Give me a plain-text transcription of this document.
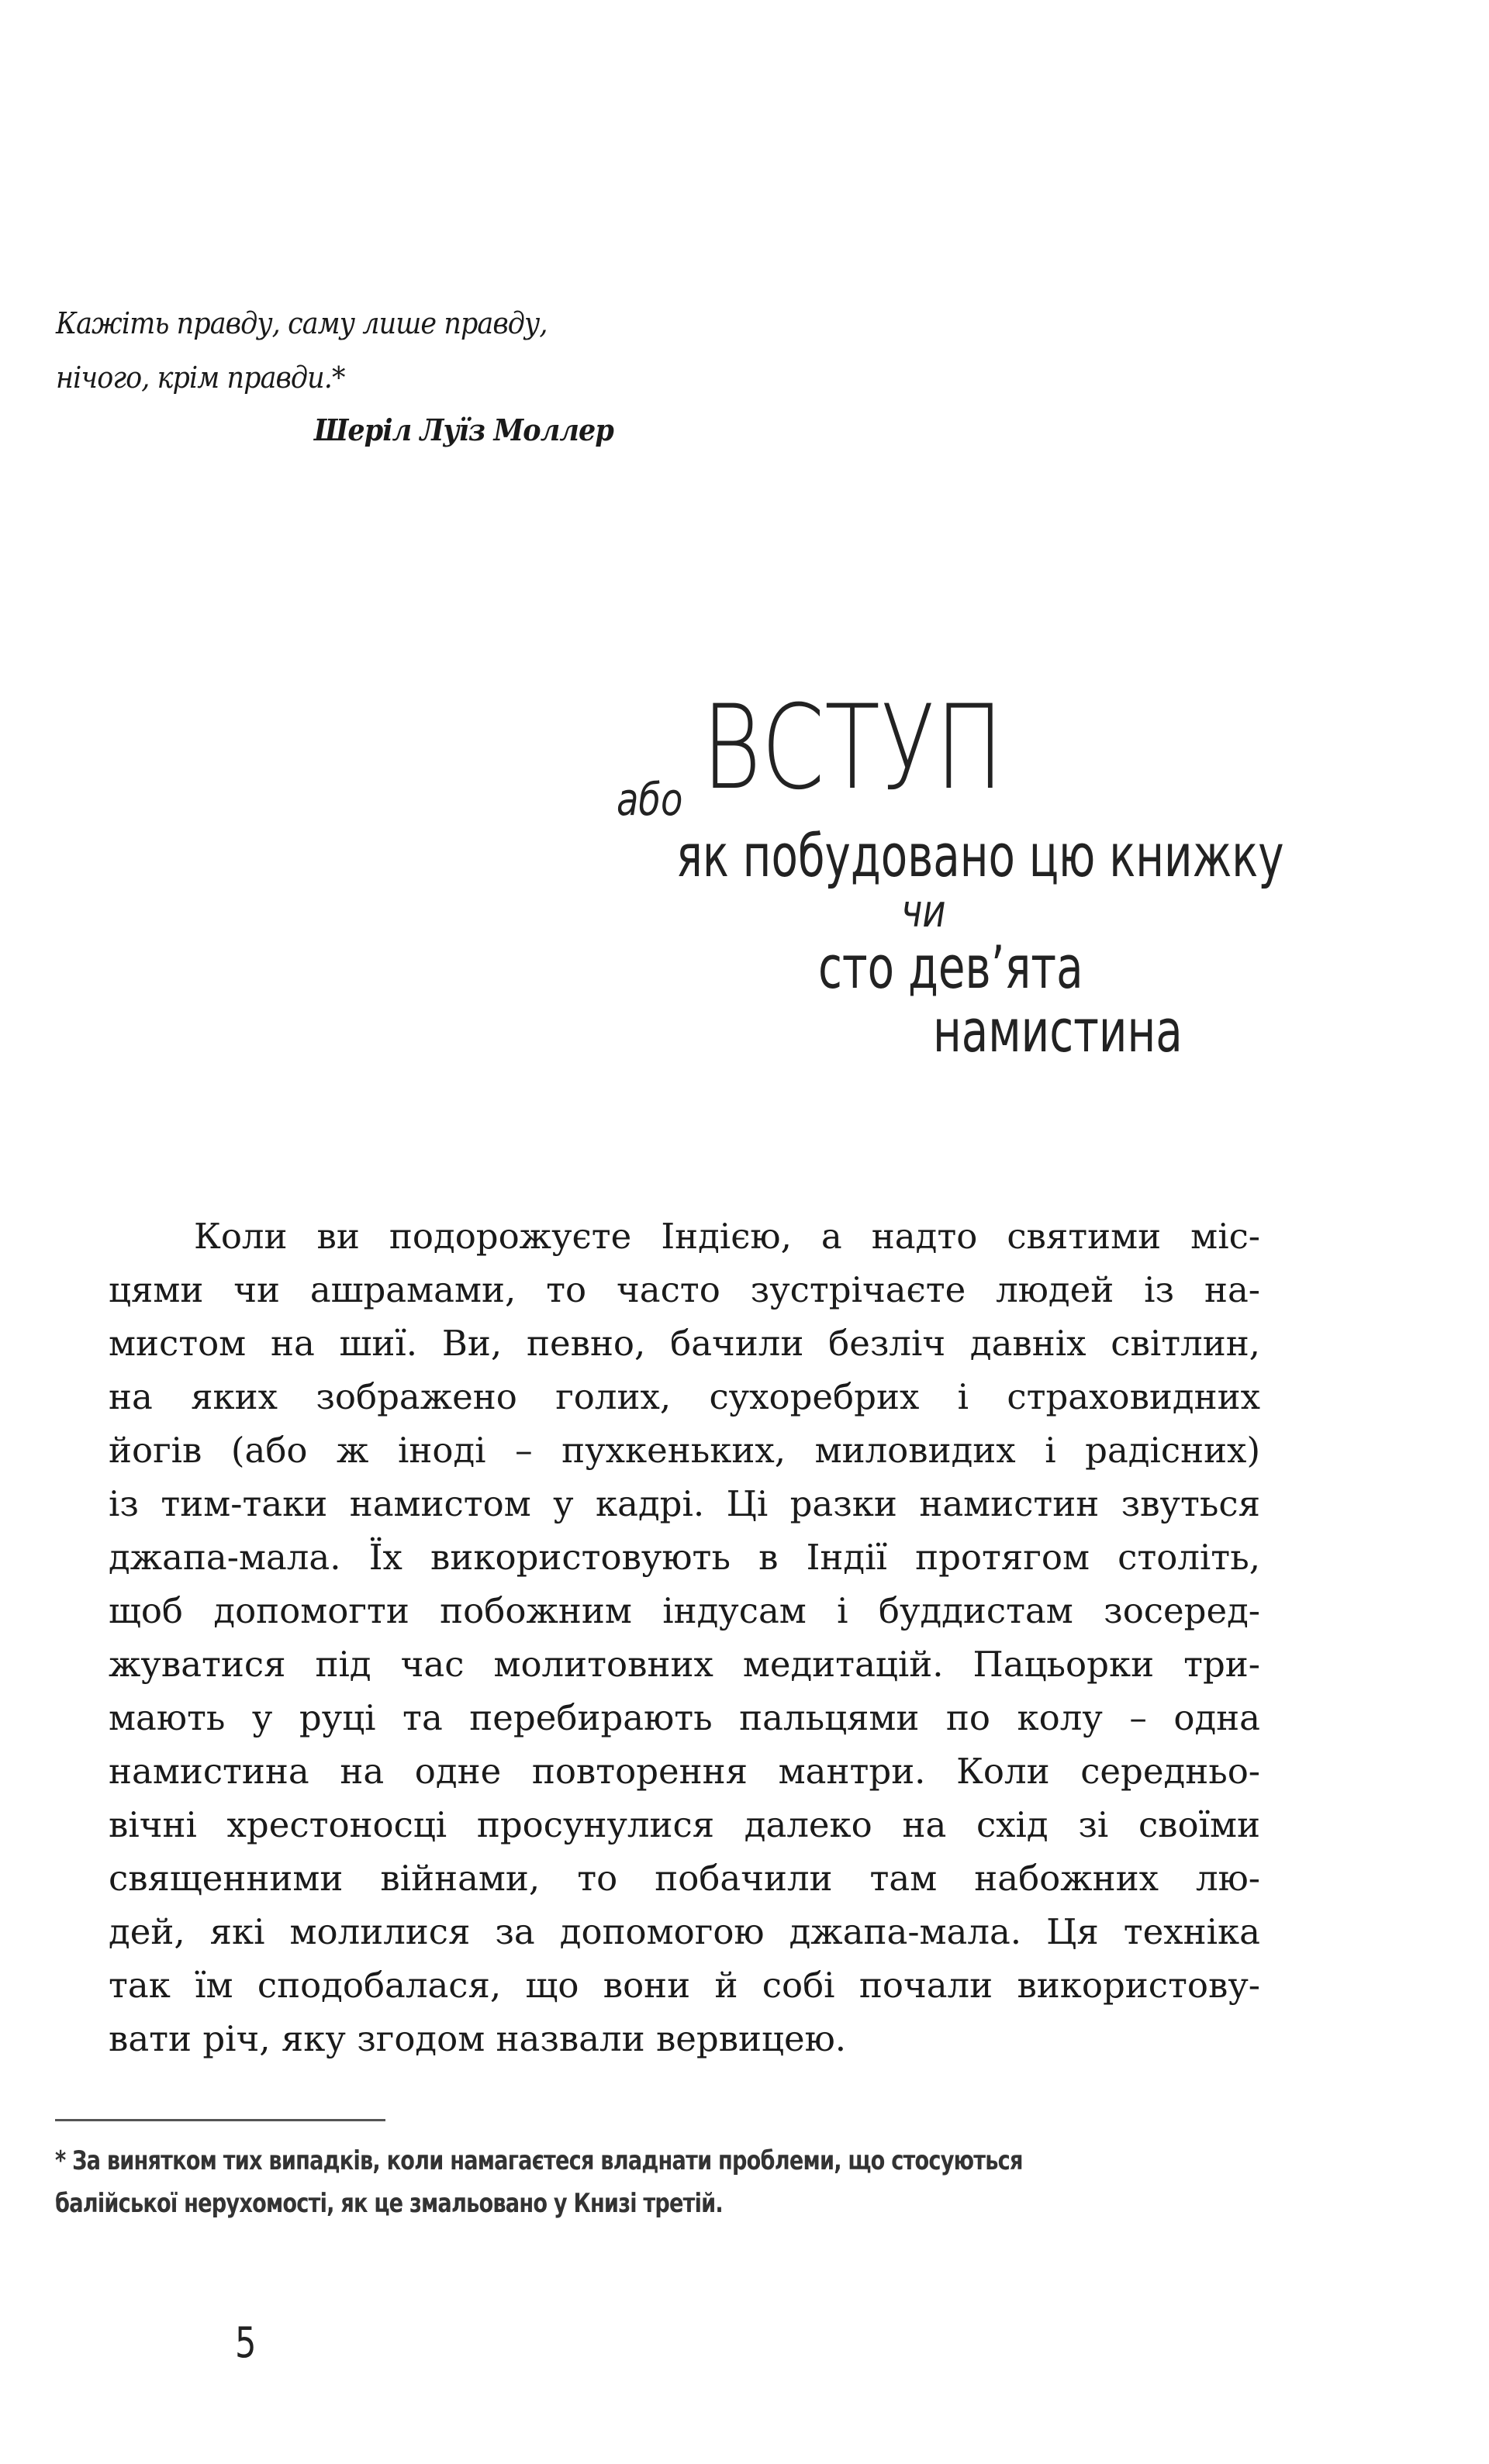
Кажіть правду, саму лише правду,
нічого, крім правди.*
Шеріл Луїз Моллер
ВСТУП
або
як побудовано цю книжку
чи
сто дев’ята
намистина
Коли ви подорожуєте Індією, а надто святими міс-
цями чи ашрамами, то часто зустрічаєте людей із на-
мистом на шиї. Ви, певно, бачили безліч давніх світлин,
на яких зображено голих, сухоребрих і страховидних
йогів (або ж іноді – пухкеньких, миловидих і радісних)
із тим-таки намистом у кадрі. Ці разки намистин звуться
джапа-мала. Їх використовують в Індії протягом століть,
щоб допомогти побожним індусам і буддистам зосеред-
жуватися під час молитовних медитацій. Пацьорки три-
мають у руці та перебирають пальцями по колу – одна
намистина на одне повторення мантри. Коли середньо-
вічні хрестоносці просунулися далеко на схід зі своїми
священними війнами, то побачили там набожних лю-
дей, які молилися за допомогою джапа-мала. Ця техніка
так їм сподобалася, що вони й собі почали використову-
вати річ, яку згодом назвали вервицею.
* За винятком тих випадків, коли намагаєтеся владнати проблеми, що стосуються
балійської нерухомості, як це змальовано у Книзі третій.
5
